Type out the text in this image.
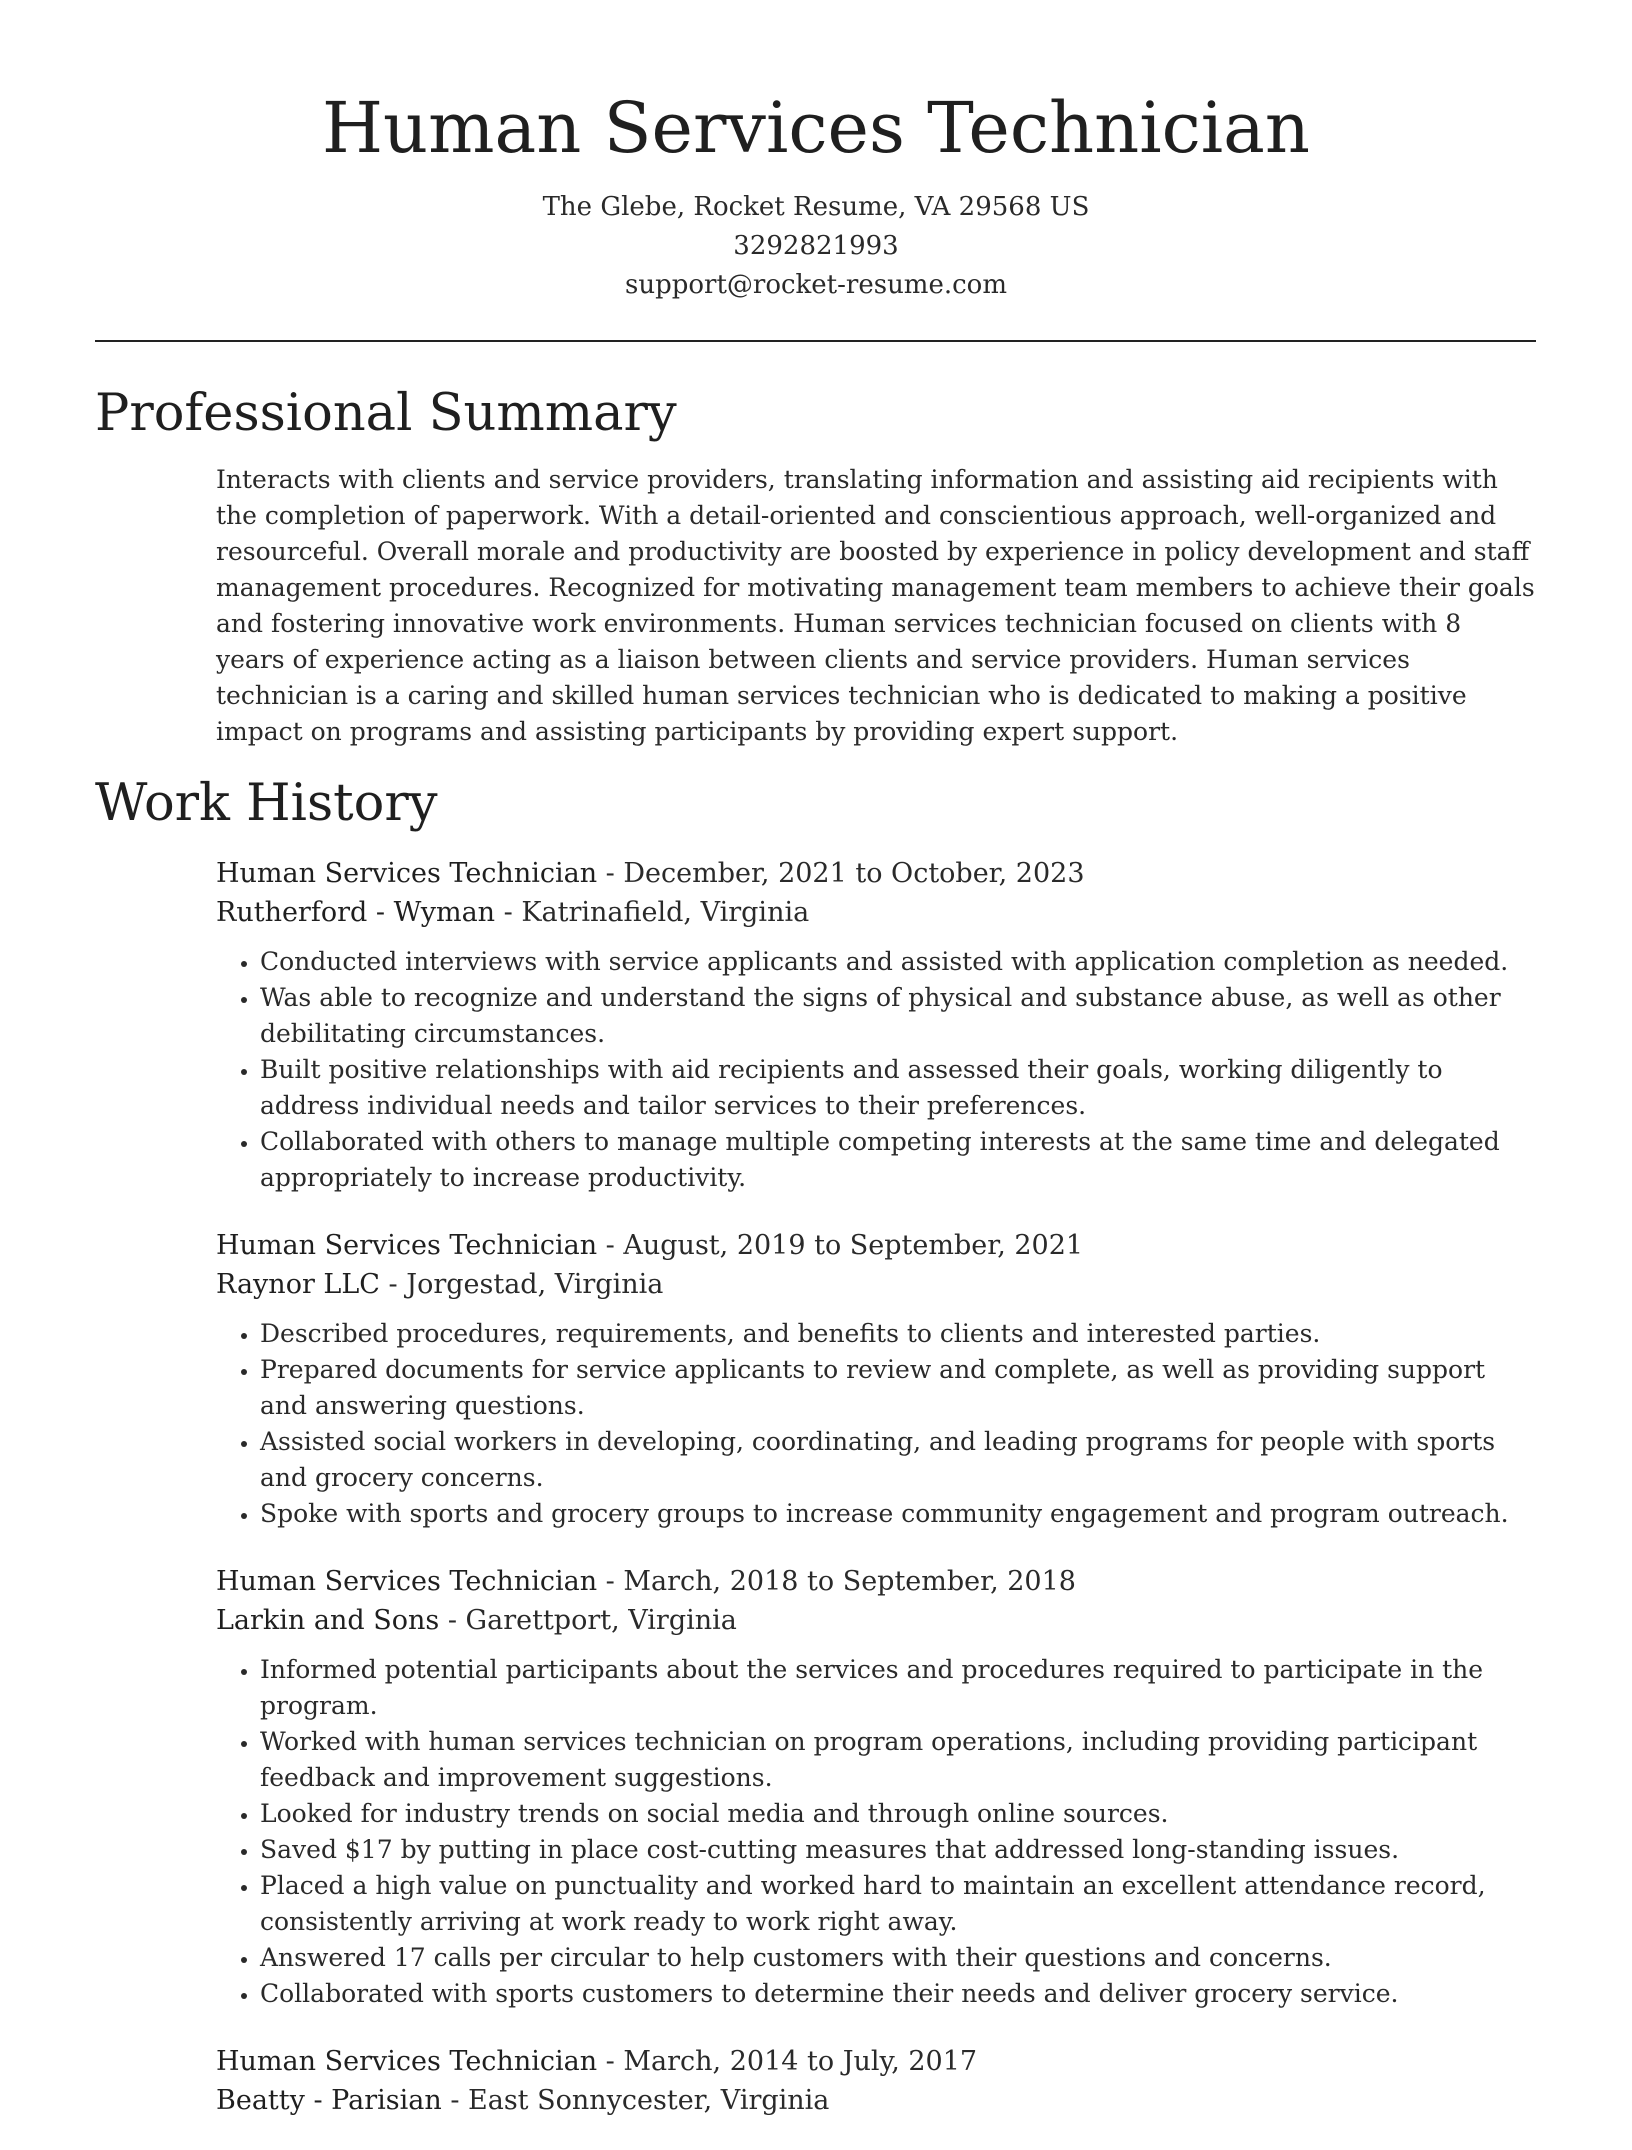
Human Services Technician
The Glebe, Rocket Resume, VA 29568 US
3292821993
support@rocket-resume.com
Professional Summary

Interacts with clients and service providers, translating information and assisting aid recipients with the completion of paperwork. With a detail-oriented and conscientious approach, well-organized and resourceful. Overall morale and productivity are boosted by experience in policy development and staff management procedures. Recognized for motivating management team members to achieve their goals and fostering innovative work environments. Human services technician focused on clients with 8 years of experience acting as a liaison between clients and service providers. Human services technician is a caring and skilled human services technician who is dedicated to making a positive impact on programs and assisting participants by providing expert support.

Work History
Human Services Technician - December, 2021 to October, 2023
Rutherford - Wyman - Katrinafield, Virginia
• Conducted interviews with service applicants and assisted with application completion as needed.
• Was able to recognize and understand the signs of physical and substance abuse, as well as other debilitating circumstances.
• Built positive relationships with aid recipients and assessed their goals, working diligently to address individual needs and tailor services to their preferences.
• Collaborated with others to manage multiple competing interests at the same time and delegated appropriately to increase productivity.
Human Services Technician - August, 2019 to September, 2021
Raynor LLC - Jorgestad, Virginia
• Described procedures, requirements, and benefits to clients and interested parties.
• Prepared documents for service applicants to review and complete, as well as providing support and answering questions.
• Assisted social workers in developing, coordinating, and leading programs for people with sports and grocery concerns.
• Spoke with sports and grocery groups to increase community engagement and program outreach.
Human Services Technician - March, 2018 to September, 2018
Larkin and Sons - Garettport, Virginia
• Informed potential participants about the services and procedures required to participate in the program.
• Worked with human services technician on program operations, including providing participant feedback and improvement suggestions.
• Looked for industry trends on social media and through online sources.
• Saved $17 by putting in place cost-cutting measures that addressed long-standing issues.
• Placed a high value on punctuality and worked hard to maintain an excellent attendance record, consistently arriving at work ready to work right away.
• Answered 17 calls per circular to help customers with their questions and concerns.
• Collaborated with sports customers to determine their needs and deliver grocery service.
Human Services Technician - March, 2014 to July, 2017
Beatty - Parisian - East Sonnycester, Virginia
